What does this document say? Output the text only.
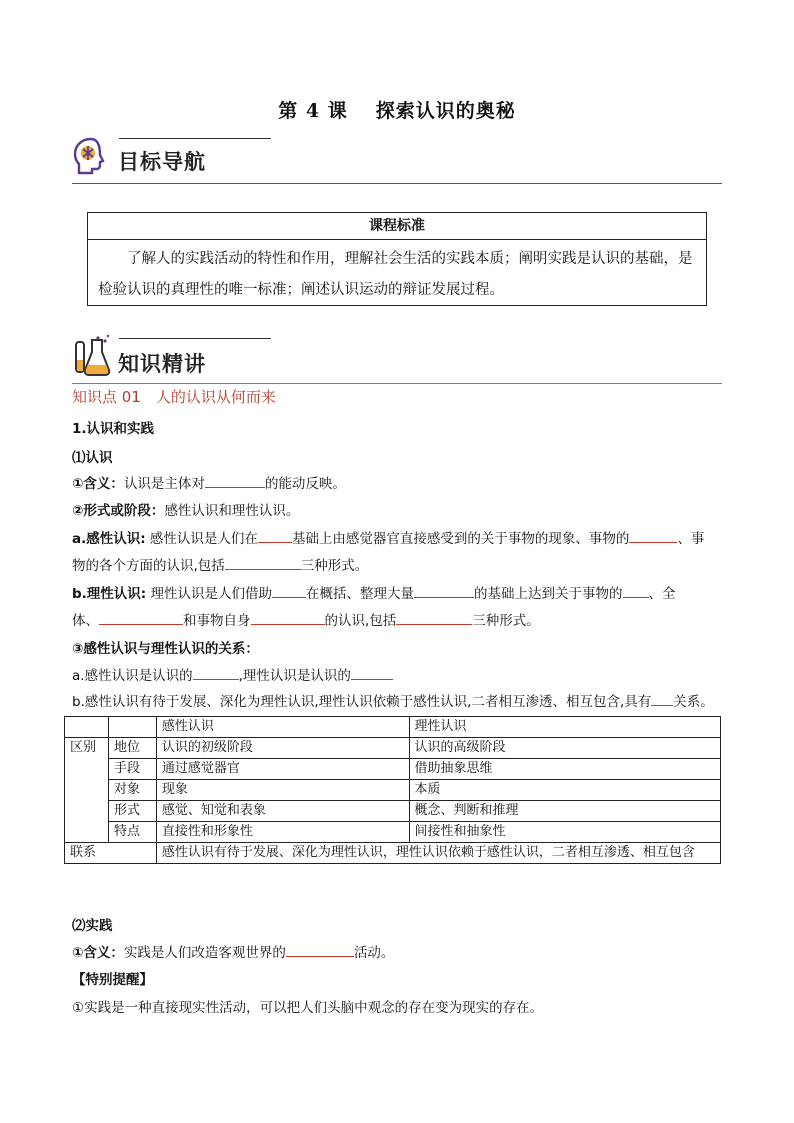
第 4 课 探索认识的奥秘
目标导航
课程标准
了解人的实践活动的特性和作用，理解社会生活的实践本质；阐明实践是认识的基础，是检验认识的真理性的唯一标准；阐述认识运动的辩证发展过程。
知识精讲
知识点 01　人的认识从何而来
1.认识和实践
⑴认识
①含义：认识是主体对	的能动反映。
②形式或阶段：感性认识和理性认识。
a.感性认识: 感性认识是人们在	基础上由感觉器官直接感受到的关于事物的现象、事物的	、事
物的各个方面的认识,包括	三种形式。
b.理性认识: 理性认识是人们借助	在概括、整理大量	的基础上达到关于事物的 、全
体、	和事物自身	的认识,包括	三种形式。
③感性认识与理性认识的关系：
a.感性认识是认识的	,理性认识是认识的
b.感性认识有待于发展、深化为理性认识,理性认识依赖于感性认识,二者相互渗透、相互包含,具有 关系。
		感性认识	理性认识
区别	地位	认识的初级阶段	认识的高级阶段
	手段	通过感觉器官	借助抽象思维
	对象	现象	本质
	形式	感觉、知觉和表象	概念、判断和推理
	特点	直接性和形象性	间接性和抽象性
联系		感性认识有待于发展、深化为理性认识，理性认识依赖于感性认识，二者相互渗透、相互包含	
⑵实践
①含义：实践是人们改造客观世界的	活动。
【特别提醒】
①实践是一种直接现实性活动，可以把人们头脑中观念的存在变为现实的存在。
